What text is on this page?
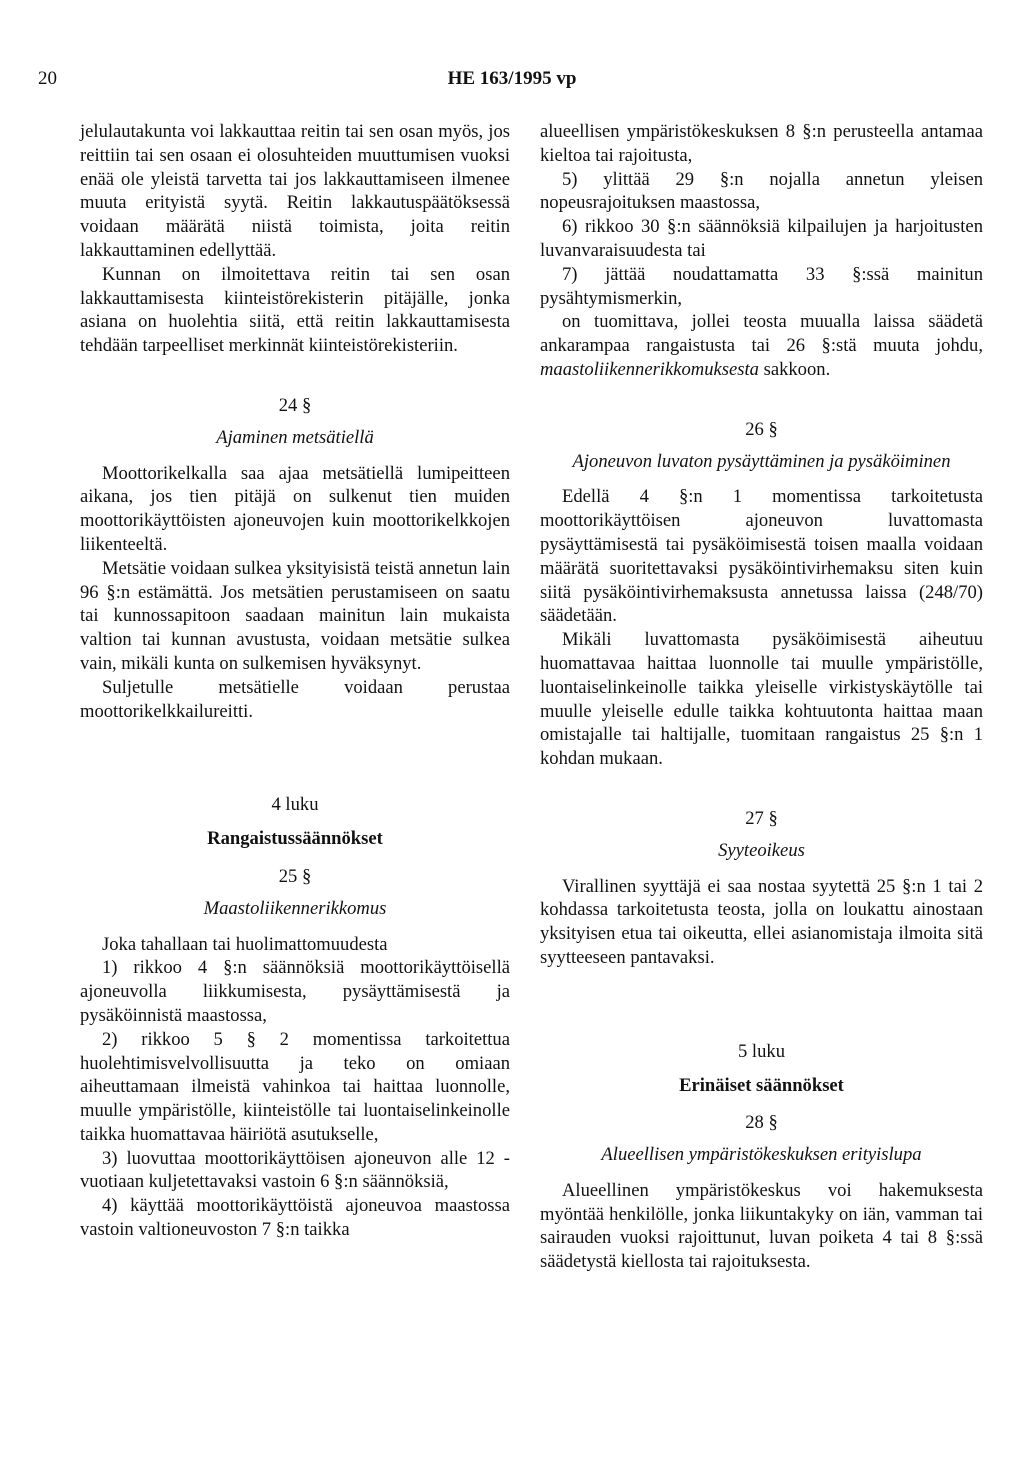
20	HE 163/1995 vp

jelulautakunta voi lakkauttaa reitin tai sen osan myös, jos reittiin tai sen osaan ei olosuhteiden muuttumisen vuoksi enää ole yleistä tarvetta tai jos lakkauttamiseen ilmenee muuta erityistä syytä. Reitin lakkautuspäätöksessä voidaan määrätä niistä toimista, joita reitin lakkauttaminen edellyttää.

Kunnan on ilmoitettava reitin tai sen osan lakkauttamisesta kiinteistörekisterin pitäjälle, jonka asiana on huolehtia siitä, että reitin lakkauttamisesta tehdään tarpeelliset merkinnät kiinteistörekisteriin.

24 §
Ajaminen metsätiellä

Moottorikelkalla saa ajaa metsätiellä lumipeitteen aikana, jos tien pitäjä on sulkenut tien muiden moottorikäyttöisten ajoneuvojen kuin moottorikelkkojen liikenteeltä.

Metsätie voidaan sulkea yksityisistä teistä annetun lain 96 §:n estämättä. Jos metsätien perustamiseen on saatu tai kunnossapitoon saadaan mainitun lain mukaista valtion tai kunnan avustusta, voidaan metsätie sulkea vain, mikäli kunta on sulkemisen hyväksynyt.

Suljetulle metsätielle voidaan perustaa moottorikelkkailureitti.

4 luku
Rangaistussäännökset
25 §
Maastoliikennerikkomus

Joka tahallaan tai huolimattomuudesta

1) rikkoo 4 §:n säännöksiä moottorikäyttöisellä ajoneuvolla liikkumisesta, pysäyttämisestä ja pysäköinnistä maastossa,

2) rikkoo 5 § 2 momentissa tarkoitettua huolehtimisvelvollisuutta ja teko on omiaan aiheuttamaan ilmeistä vahinkoa tai haittaa luonnolle, muulle ympäristölle, kiinteistölle tai luontaiselinkeinolle taikka huomattavaa häiriötä asutukselle,

3) luovuttaa moottorikäyttöisen ajoneuvon alle 12 -vuotiaan kuljetettavaksi vastoin 6 §:n säännöksiä,

4) käyttää moottorikäyttöistä ajoneuvoa maastossa vastoin valtioneuvoston 7 §:n taikka

alueellisen ympäristökeskuksen 8 §:n perusteella antamaa kieltoa tai rajoitusta,

5) ylittää 29 §:n nojalla annetun yleisen nopeusrajoituksen maastossa,

6) rikkoo 30 §:n säännöksiä kilpailujen ja harjoitusten luvanvaraisuudesta tai

7) jättää noudattamatta 33 §:ssä mainitun pysähtymismerkin,

on tuomittava, jollei teosta muualla laissa säädetä ankarampaa rangaistusta tai 26 §:stä muuta johdu, maastoliikennerikkomuksesta sakkoon.

26 §
Ajoneuvon luvaton pysäyttäminen ja pysäköiminen

Edellä 4 §:n 1 momentissa tarkoitetusta moottorikäyttöisen ajoneuvon luvattomasta pysäyttämisestä tai pysäköimisestä toisen maalla voidaan määrätä suoritettavaksi pysäköintivirhemaksu siten kuin siitä pysäköintivirhemaksusta annetussa laissa (248/70) säädetään.

Mikäli luvattomasta pysäköimisestä aiheutuu huomattavaa haittaa luonnolle tai muulle ympäristölle, luontaiselinkeinolle taikka yleiselle virkistyskäytölle tai muulle yleiselle edulle taikka kohtuutonta haittaa maan omistajalle tai haltijalle, tuomitaan rangaistus 25 §:n 1 kohdan mukaan.

27 §
Syyteoikeus

Virallinen syyttäjä ei saa nostaa syytettä 25 §:n 1 tai 2 kohdassa tarkoitetusta teosta, jolla on loukattu ainostaan yksityisen etua tai oikeutta, ellei asianomistaja ilmoita sitä syytteeseen pantavaksi.

5 luku
Erinäiset säännökset
28 §
Alueellisen ympäristökeskuksen erityislupa

Alueellinen ympäristökeskus voi hakemuksesta myöntää henkilölle, jonka liikuntakyky on iän, vamman tai sairauden vuoksi rajoittunut, luvan poiketa 4 tai 8 §:ssä säädetystä kiellosta tai rajoituksesta.
